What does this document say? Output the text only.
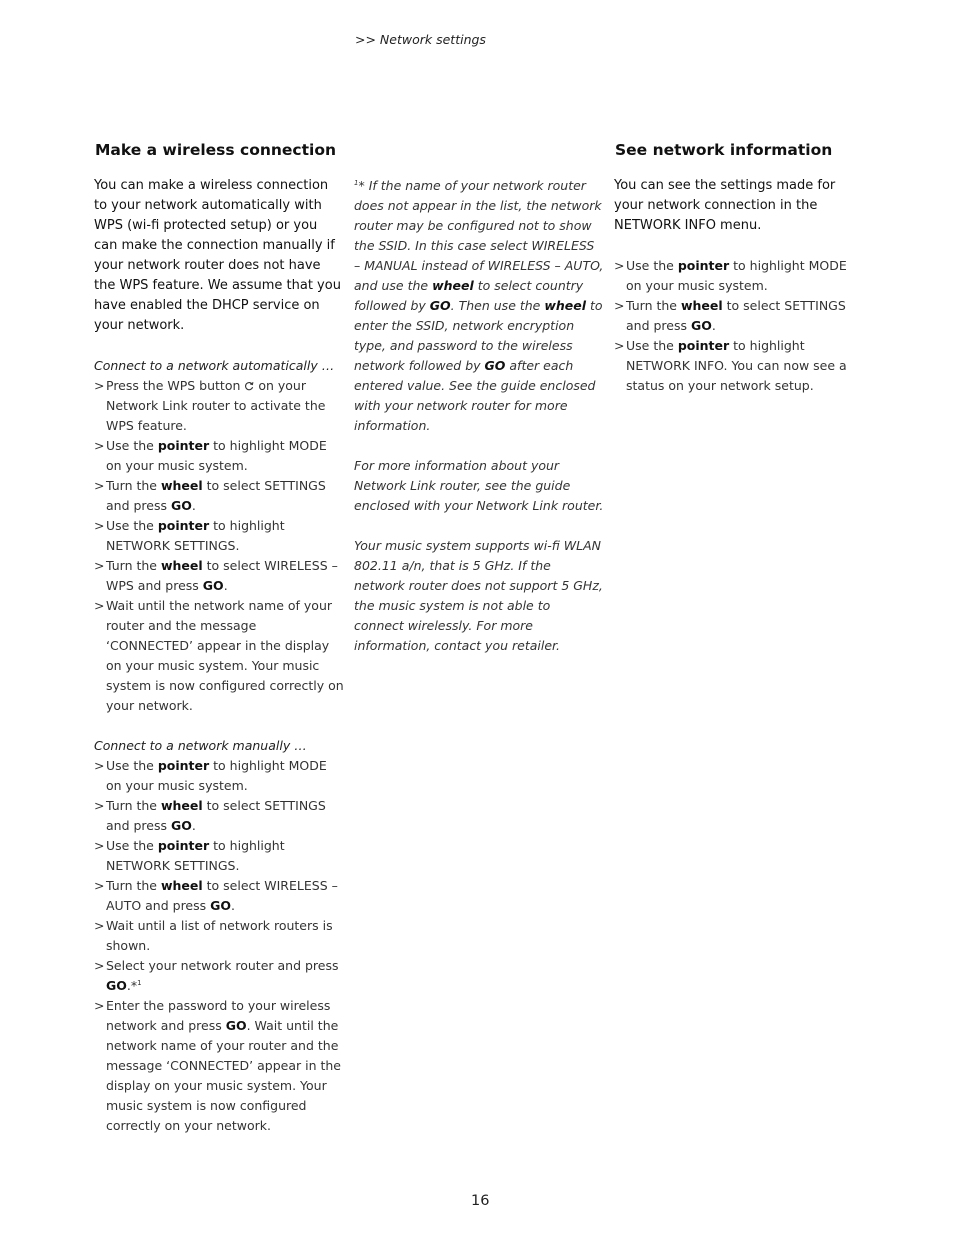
>> Network settings
Make a wireless connection

You can make a wireless connection to your network automatically with WPS (wi-fi protected setup) or you can make the connection manually if your network router does not have the WPS feature. We assume that you have enabled the DHCP service on your network.

Connect to a network automatically …

> Press the WPS button  on your Network Link router to activate the WPS feature.
> Use the pointer to highlight MODE on your music system.
> Turn the wheel to select SETTINGS and press GO.
> Use the pointer to highlight NETWORK SETTINGS.
> Turn the wheel to select WIRELESS – WPS and press GO.
> Wait until the network name of your router and the message ‘CONNECTED’ appear in the display on your music system. Your music system is now configured correctly on your network.

Connect to a network manually …

> Use the pointer to highlight MODE on your music system.
> Turn the wheel to select SETTINGS and press GO.
> Use the pointer to highlight NETWORK SETTINGS.
> Turn the wheel to select WIRELESS – AUTO and press GO.
> Wait until a list of network routers is shown.
> Select your network router and press GO.*$^1$
> Enter the password to your wireless network and press GO. Wait until the network name of your router and the message ‘CONNECTED’ appear in the display on your music system. Your music system is now configured correctly on your network.

$^1$* If the name of your network router does not appear in the list, the network router may be configured not to show the SSID. In this case select WIRELESS – MANUAL instead of WIRELESS – AUTO, and use the wheel to select country followed by GO. Then use the wheel to enter the SSID, network encryption type, and password to the wireless network followed by GO after each entered value. See the guide enclosed with your network router for more information.

For more information about your Network Link router, see the guide enclosed with your Network Link router.

Your music system supports wi-fi WLAN 802.11 a/n, that is 5 GHz. If the network router does not support 5 GHz, the music system is not able to connect wirelessly. For more information, contact you retailer.

See network information

You can see the settings made for your network connection in the NETWORK INFO menu.

> Use the pointer to highlight MODE on your music system.
> Turn the wheel to select SETTINGS and press GO.
> Use the pointer to highlight NETWORK INFO. You can now see a status on your network setup.
16
